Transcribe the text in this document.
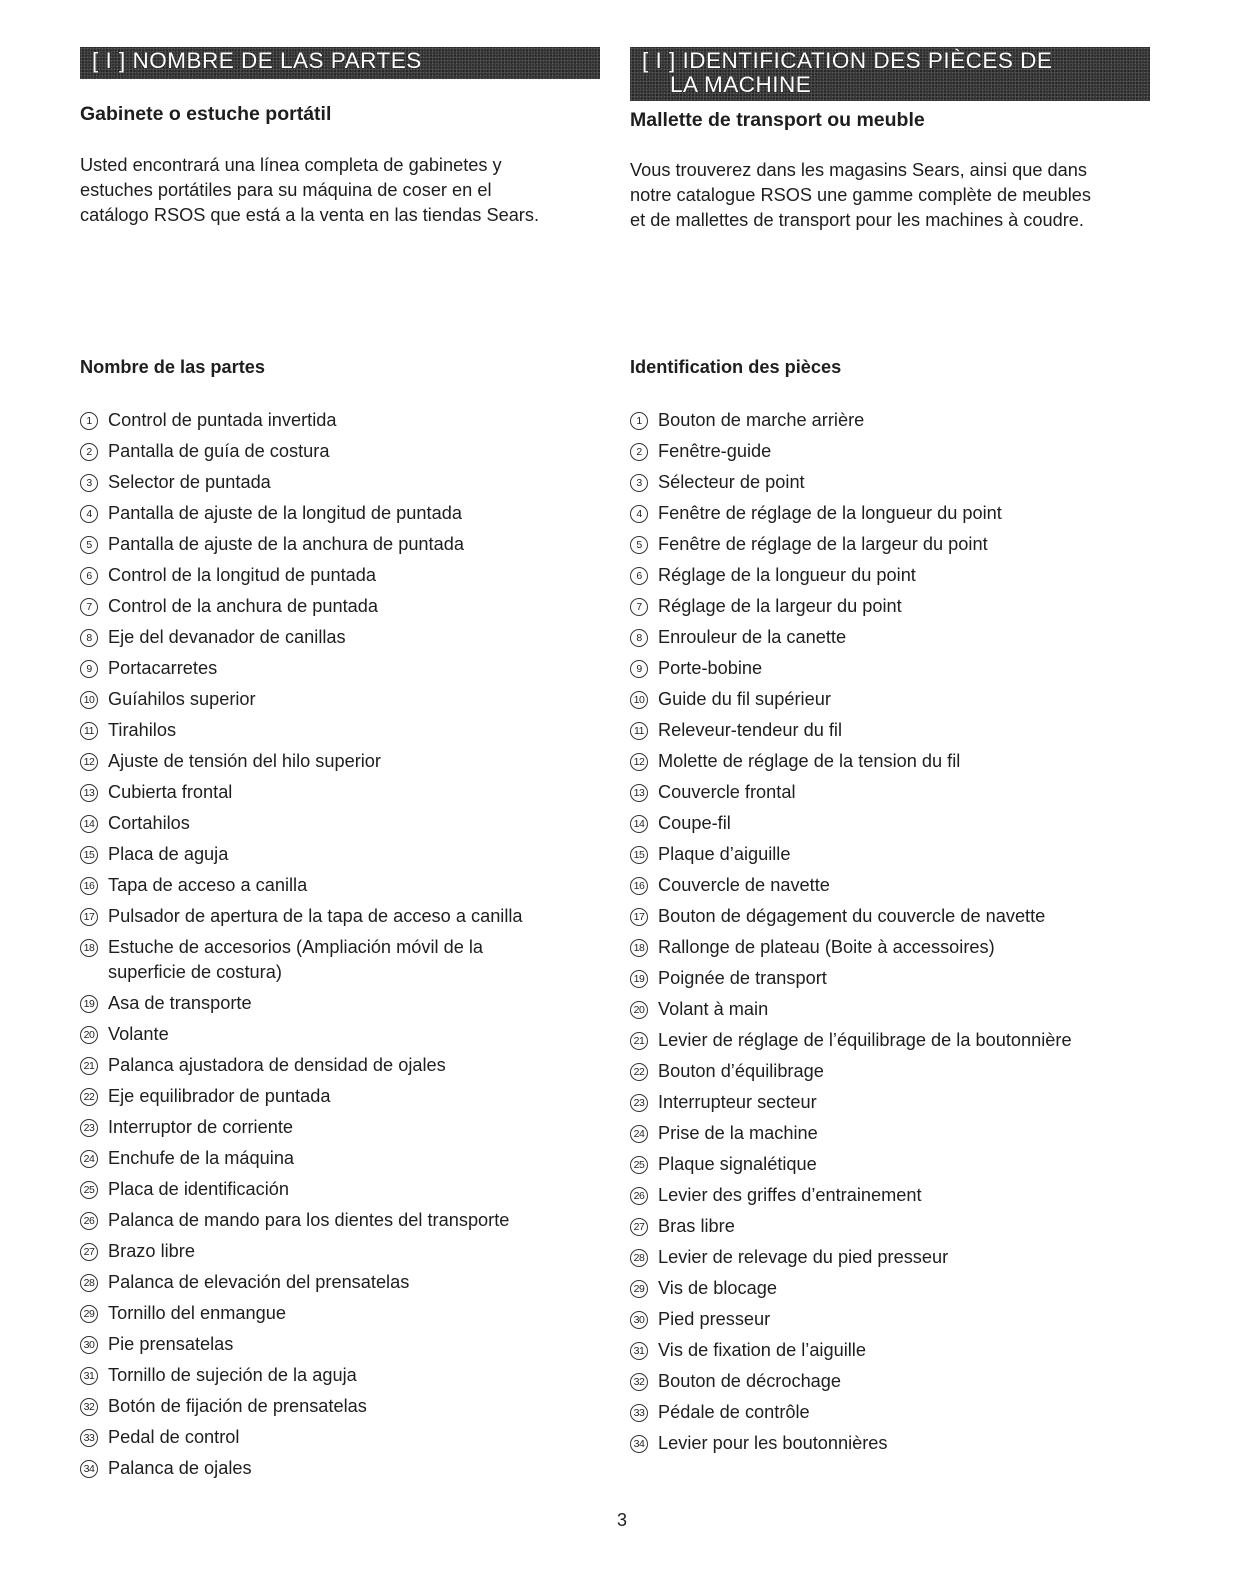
[ I ] NOMBRE DE LAS PARTES
Gabinete o estuche portátil
Usted encontrará una línea completa de gabinetes y
estuches portátiles para su máquina de coser en el
catálogo RSOS que está a la venta en las tiendas Sears.
Nombre de las partes
1 Control de puntada invertida
2 Pantalla de guía de costura
3 Selector de puntada
4 Pantalla de ajuste de la longitud de puntada
5 Pantalla de ajuste de la anchura de puntada
6 Control de la longitud de puntada
7 Control de la anchura de puntada
8 Eje del devanador de canillas
9 Portacarretes
10 Guíahilos superior
11 Tirahilos
12 Ajuste de tensión del hilo superior
13 Cubierta frontal
14 Cortahilos
15 Placa de aguja
16 Tapa de acceso a canilla
17 Pulsador de apertura de la tapa de acceso a canilla
18 Estuche de accesorios (Ampliación móvil de la superficie de costura)
19 Asa de transporte
20 Volante
21 Palanca ajustadora de densidad de ojales
22 Eje equilibrador de puntada
23 Interruptor de corriente
24 Enchufe de la máquina
25 Placa de identificación
26 Palanca de mando para los dientes del transporte
27 Brazo libre
28 Palanca de elevación del prensatelas
29 Tornillo del enmangue
30 Pie prensatelas
31 Tornillo de sujeción de la aguja
32 Botón de fijación de prensatelas
33 Pedal de control
34 Palanca de ojales
[ I ] IDENTIFICATION DES PIÈCES DE
LA MACHINE
Mallette de transport ou meuble
Vous trouverez dans les magasins Sears, ainsi que dans
notre catalogue RSOS une gamme complète de meubles
et de mallettes de transport pour les machines à coudre.
Identification des pièces
1 Bouton de marche arrière
2 Fenêtre-guide
3 Sélecteur de point
4 Fenêtre de réglage de la longueur du point
5 Fenêtre de réglage de la largeur du point
6 Réglage de la longueur du point
7 Réglage de la largeur du point
8 Enrouleur de la canette
9 Porte-bobine
10 Guide du fil supérieur
11 Releveur-tendeur du fil
12 Molette de réglage de la tension du fil
13 Couvercle frontal
14 Coupe-fil
15 Plaque d’aiguille
16 Couvercle de navette
17 Bouton de dégagement du couvercle de navette
18 Rallonge de plateau (Boite à accessoires)
19 Poignée de transport
20 Volant à main
21 Levier de réglage de l’équilibrage de la boutonnière
22 Bouton d’équilibrage
23 Interrupteur secteur
24 Prise de la machine
25 Plaque signalétique
26 Levier des griffes d’entrainement
27 Bras libre
28 Levier de relevage du pied presseur
29 Vis de blocage
30 Pied presseur
31 Vis de fixation de l’aiguille
32 Bouton de décrochage
33 Pédale de contrôle
34 Levier pour les boutonnières
3
